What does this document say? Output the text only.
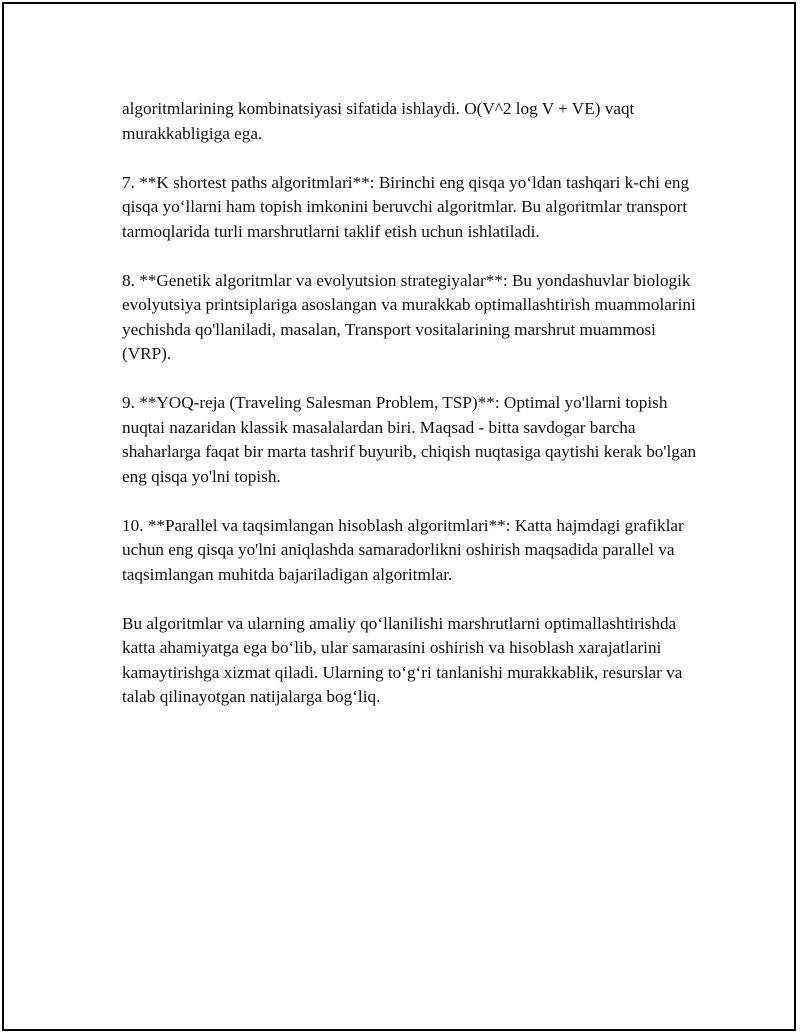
algoritmlarining kombinatsiyasi sifatida ishlaydi. O(V^2 log V + VE) vaqt murakkabligiga ega.

7. **K shortest paths algoritmlari**: Birinchi eng qisqa yo‘ldan tashqari k-chi eng qisqa yo‘llarni ham topish imkonini beruvchi algoritmlar. Bu algoritmlar transport tarmoqlarida turli marshrutlarni taklif etish uchun ishlatiladi.

8. **Genetik algoritmlar va evolyutsion strategiyalar**: Bu yondashuvlar biologik evolyutsiya printsiplariga asoslangan va murakkab optimallashtirish muammolarini yechishda qo'llaniladi, masalan, Transport vositalarining marshrut muammosi (VRP).

9. **YOQ-reja (Traveling Salesman Problem, TSP)**: Optimal yo'llarni topish nuqtai nazaridan klassik masalalardan biri. Maqsad - bitta savdogar barcha shaharlarga faqat bir marta tashrif buyurib, chiqish nuqtasiga qaytishi kerak bo'lgan eng qisqa yo'lni topish.

10. **Parallel va taqsimlangan hisoblash algoritmlari**: Katta hajmdagi grafiklar uchun eng qisqa yo'lni aniqlashda samaradorlikni oshirish maqsadida parallel va taqsimlangan muhitda bajariladigan algoritmlar.

Bu algoritmlar va ularning amaliy qo‘llanilishi marshrutlarni optimallashtirishda katta ahamiyatga ega bo‘lib, ular samarasini oshirish va hisoblash xarajatlarini kamaytirishga xizmat qiladi. Ularning to‘g‘ri tanlanishi murakkablik, resurslar va talab qilinayotgan natijalarga bog‘liq.
